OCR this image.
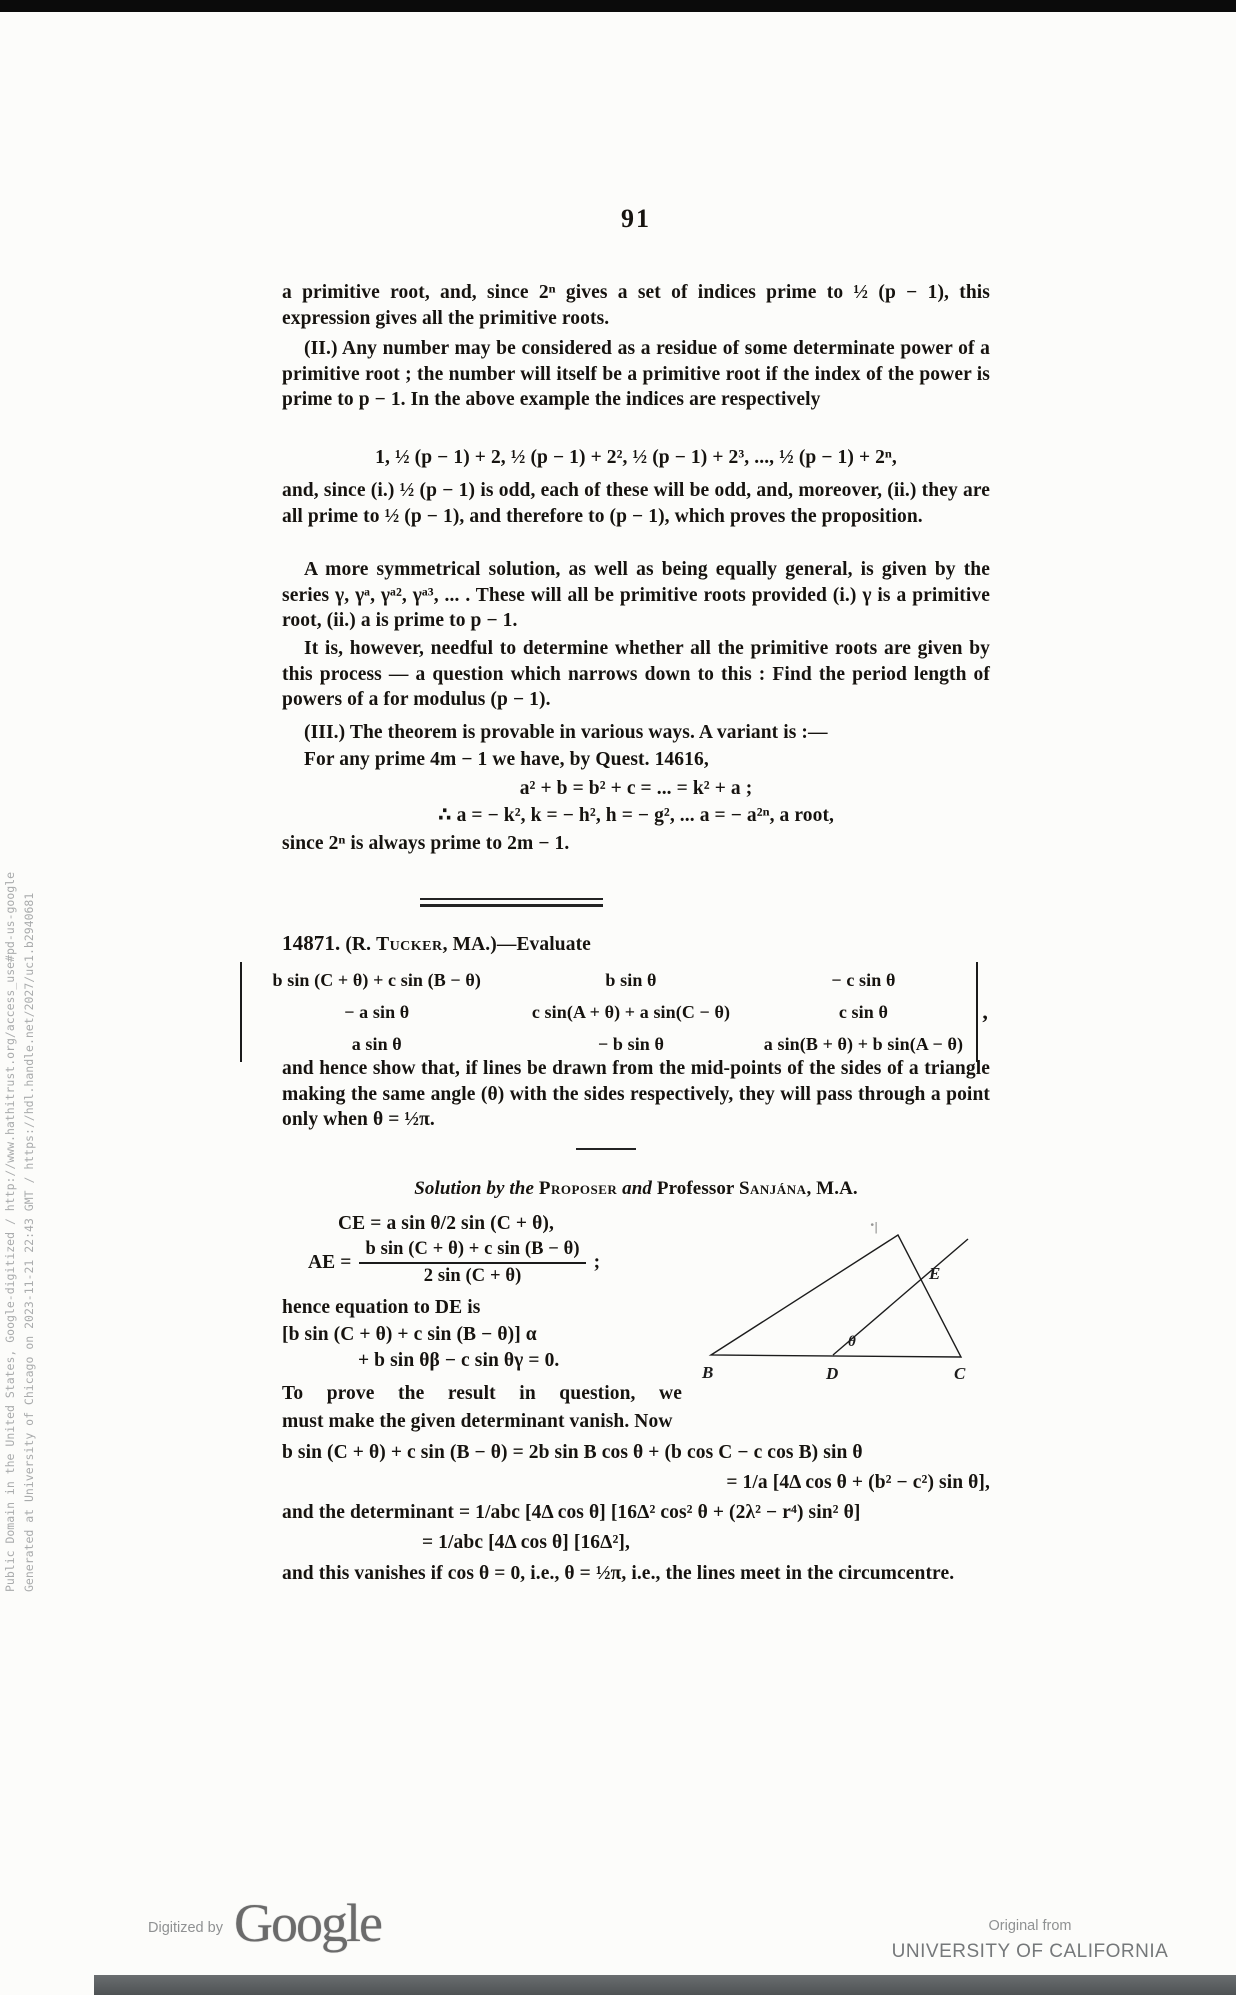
Generated at University of Chicago on 2023-11-21 22:43 GMT / https://hdl.handle.net/2027/uc1.b2940681
Public Domain in the United States, Google-digitized / http://www.hathitrust.org/access_use#pd-us-google
91
a primitive root, and, since 2ⁿ gives a set of indices prime to ½ (p − 1), this expression gives all the primitive roots.
(II.) Any number may be considered as a residue of some determinate power of a primitive root ; the number will itself be a primitive root if the index of the power is prime to p − 1. In the above example the indices are respectively
1, ½ (p − 1) + 2, ½ (p − 1) + 2², ½ (p − 1) + 2³, ..., ½ (p − 1) + 2ⁿ,
and, since (i.) ½ (p − 1) is odd, each of these will be odd, and, moreover, (ii.) they are all prime to ½ (p − 1), and therefore to (p − 1), which proves the proposition.
A more symmetrical solution, as well as being equally general, is given by the series γ, γᵃ, γᵃ², γᵃ³, ... . These will all be primitive roots provided (i.) γ is a primitive root, (ii.) a is prime to p − 1.
It is, however, needful to determine whether all the primitive roots are given by this process — a question which narrows down to this : Find the period length of powers of a for modulus (p − 1).
(III.) The theorem is provable in various ways. A variant is :—
For any prime 4m − 1 we have, by Quest. 14616,
a² + b = b² + c = ... = k² + a ;
∴ a = − k², k = − h², h = − g², ... a = − a²ⁿ, a root,
since 2ⁿ is always prime to 2m − 1.
14871. (R. Tucker, MA.)—Evaluate
b sin (C + θ) + c sin (B − θ)	b sin θ	− c sin θ
− a sin θ	c sin(A + θ) + a sin(C − θ)	c sin θ
a sin θ	− b sin θ	a sin(B + θ) + b sin(A − θ)
,
and hence show that, if lines be drawn from the mid-points of the sides of a triangle making the same angle (θ) with the sides respectively, they will pass through a point only when θ = ½π.
Solution by the Proposer and Professor Sanjána, M.A.
CE = a sin θ/2 sin (C + θ),
AE = $\frac{\text{b sin (C + θ) + c sin (B − θ)}}{2 \sin (C + \theta)}$ ;
hence equation to DE is
[b sin (C + θ) + c sin (B − θ)] α
+ b sin θβ − c sin θγ = 0.
To prove the result in question, we
must make the given determinant vanish. Now
b sin (C + θ) + c sin (B − θ) = 2b sin B cos θ + (b cos C − c cos B) sin θ
= 1/a [4Δ cos θ + (b² − c²) sin θ],
and the determinant = 1/abc [4Δ cos θ] [16Δ² cos² θ + (2λ² − r⁴) sin² θ]
= 1/abc [4Δ cos θ] [16Δ²],
and this vanishes if cos θ = 0, i.e., θ = ½π, i.e., the lines meet in the circumcentre.
·|
B	D	C
E
θ
Digitized by Google	Original from
UNIVERSITY OF CALIFORNIA
